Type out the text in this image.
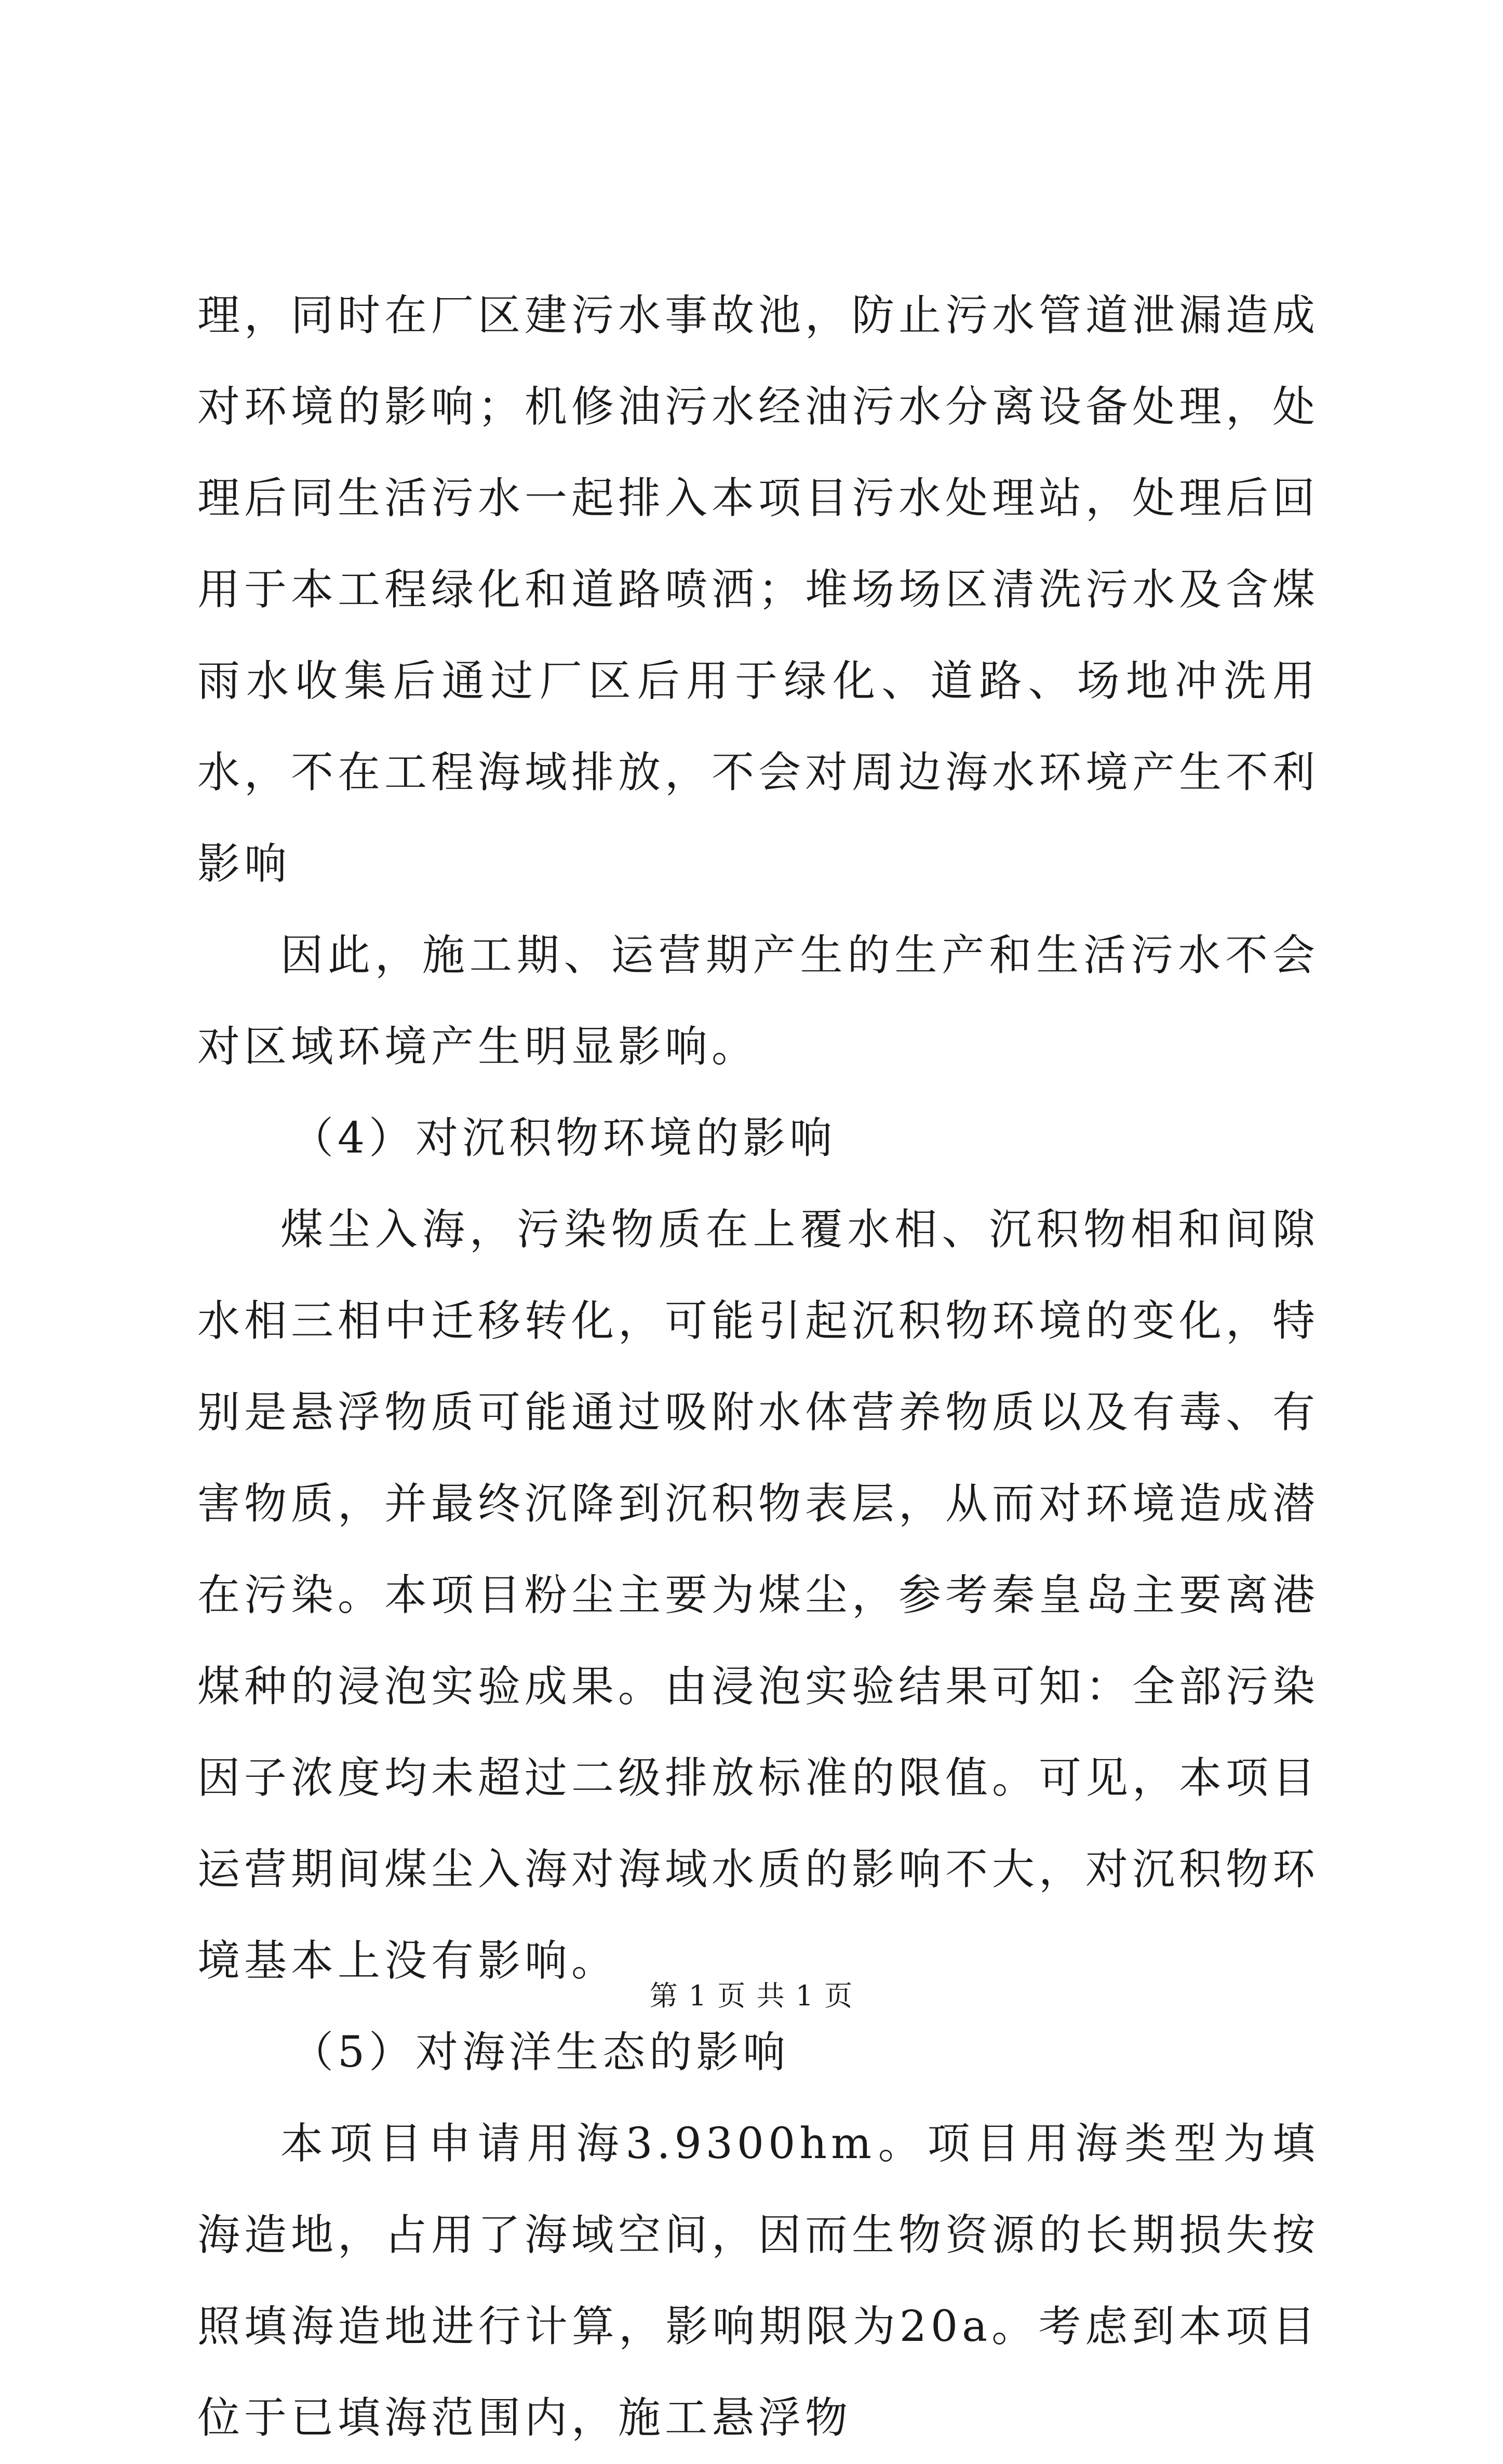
理，同时在厂区建污水事故池，防止污水管道泄漏造成对环境的影响；机修油污水经油污水分离设备处理，处理后同生活污水一起排入本项目污水处理站，处理后回用于本工程绿化和道路喷洒；堆场场区清洗污水及含煤雨水收集后通过厂区后用于绿化、道路、场地冲洗用水，不在工程海域排放，不会对周边海水环境产生不利影响

因此，施工期、运营期产生的生产和生活污水不会对区域环境产生明显影响。

（4）对沉积物环境的影响

煤尘入海，污染物质在上覆水相、沉积物相和间隙水相三相中迁移转化，可能引起沉积物环境的变化，特别是悬浮物质可能通过吸附水体营养物质以及有毒、有害物质，并最终沉降到沉积物表层，从而对环境造成潜在污染。本项目粉尘主要为煤尘，参考秦皇岛主要离港煤种的浸泡实验成果。由浸泡实验结果可知：全部污染因子浓度均未超过二级排放标准的限值。可见，本项目运营期间煤尘入海对海域水质的影响不大，对沉积物环境基本上没有影响。

（5）对海洋生态的影响

本项目申请用海3.9300hm。项目用海类型为填海造地，占用了海域空间，因而生物资源的长期损失按照填海造地进行计算，影响期限为20a。考虑到本项目位于已填海范围内，施工悬浮物

第 1 页 共 1 页
